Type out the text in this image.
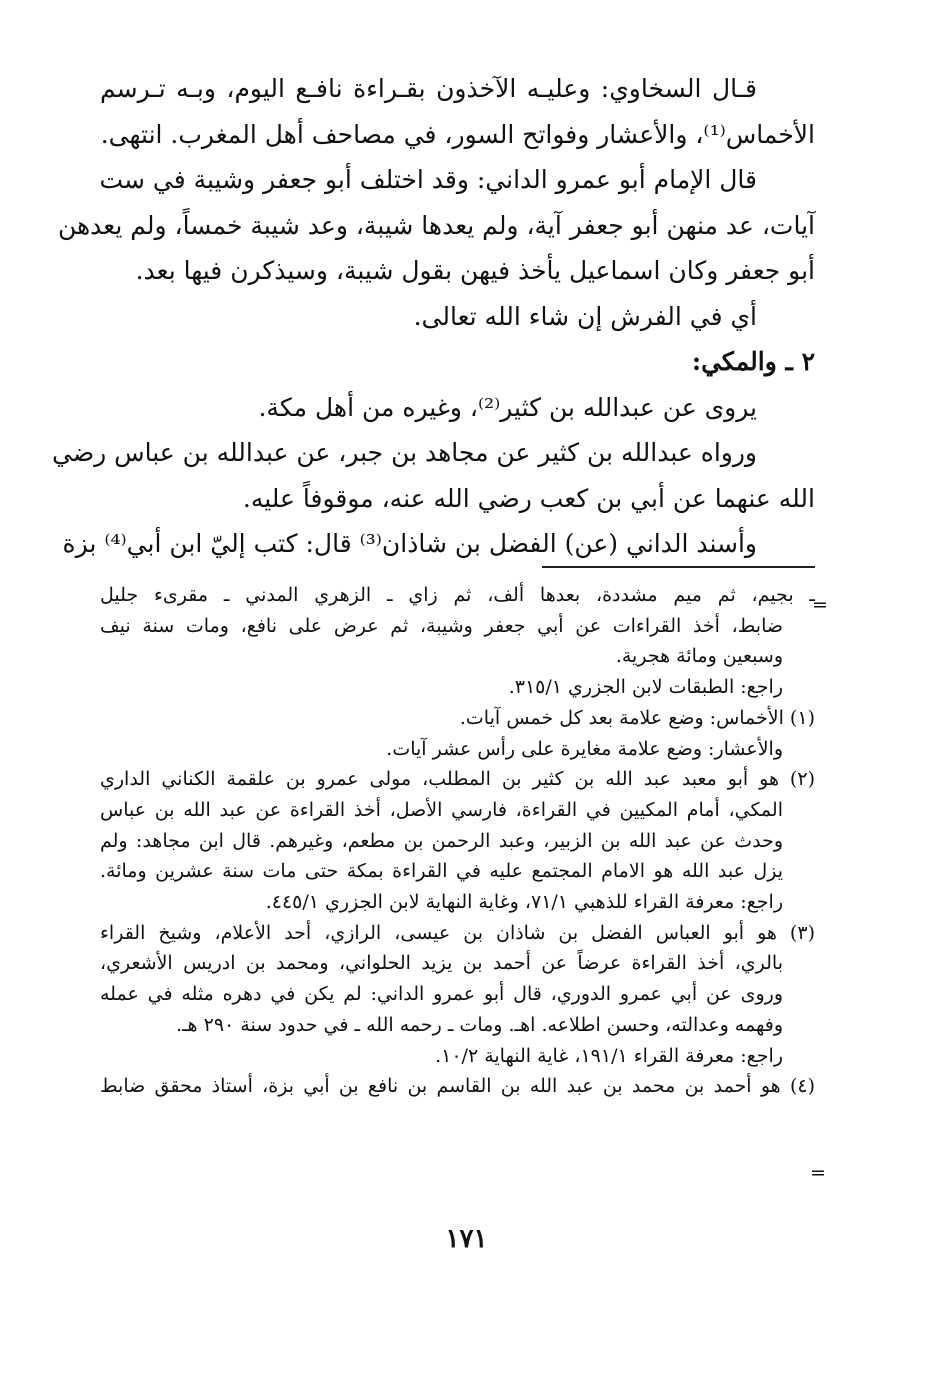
قـال السخاوي: وعليـه الآخذون بقـراءة نافـع اليوم، وبـه تـرسم
الأخماس⁽¹⁾، والأعشار وفواتح السور، في مصاحف أهل المغرب. انتهى.
قال الإمام أبو عمرو الداني: وقد اختلف أبو جعفر وشيبة في ست
آيات، عد منهن أبو جعفر آية، ولم يعدها شيبة، وعد شيبة خمساً، ولم يعدهن
أبو جعفر وكان اسماعيل يأخذ فيهن بقول شيبة، وسيذكرن فيها بعد.
أي في الفرش إن شاء الله تعالى.
٢ ـ والمكي:
يروى عن عبدالله بن كثير⁽²⁾، وغيره من أهل مكة.
ورواه عبدالله بن كثير عن مجاهد بن جبر، عن عبدالله بن عباس رضي
الله عنهما عن أبي بن كعب رضي الله عنه، موقوفاً عليه.
وأسند الداني (عن) الفضل بن شاذان⁽³⁾ قال: كتب إليّ ابن أبي⁽⁴⁾ بزة
=
ـ بجيم، ثم ميم مشددة، بعدها ألف، ثم زاي ـ الزهري المدني ـ مقرىء جليل
ضابط، أخذ القراءات عن أبي جعفر وشيبة، ثم عرض على نافع، ومات سنة نيف
وسبعين ومائة هجرية.
راجع: الطبقات لابن الجزري ٣١٥/١.
(١) الأخماس: وضع علامة بعد كل خمس آيات.
والأعشار: وضع علامة مغايرة على رأس عشر آيات.
(٢) هو أبو معبد عبد الله بن كثير بن المطلب، مولى عمرو بن علقمة الكناني الداري
المكي، أمام المكيين في القراءة، فارسي الأصل، أخذ القراءة عن عبد الله بن عباس
وحدث عن عبد الله بن الزبير، وعبد الرحمن بن مطعم، وغيرهم. قال ابن مجاهد: ولم
يزل عبد الله هو الامام المجتمع عليه في القراءة بمكة حتى مات سنة عشرين ومائة.
راجع: معرفة القراء للذهبي ٧١/١، وغاية النهاية لابن الجزري ٤٤٥/١.
(٣) هو أبو العباس الفضل بن شاذان بن عيسى، الرازي، أحد الأعلام، وشيخ القراء
بالري، أخذ القراءة عرضاً عن أحمد بن يزيد الحلواني، ومحمد بن ادريس الأشعري،
وروى عن أبي عمرو الدوري، قال أبو عمرو الداني: لم يكن في دهره مثله في عمله
وفهمه وعدالته، وحسن اطلاعه. اهـ. ومات ـ رحمه الله ـ في حدود سنة ٢٩٠ هـ.
راجع: معرفة القراء ١٩١/١، غاية النهاية ١٠/٢.
(٤) هو أحمد بن محمد بن عبد الله بن القاسم بن نافع بن أبي بزة، أستاذ محقق ضابط
=
١٧١
